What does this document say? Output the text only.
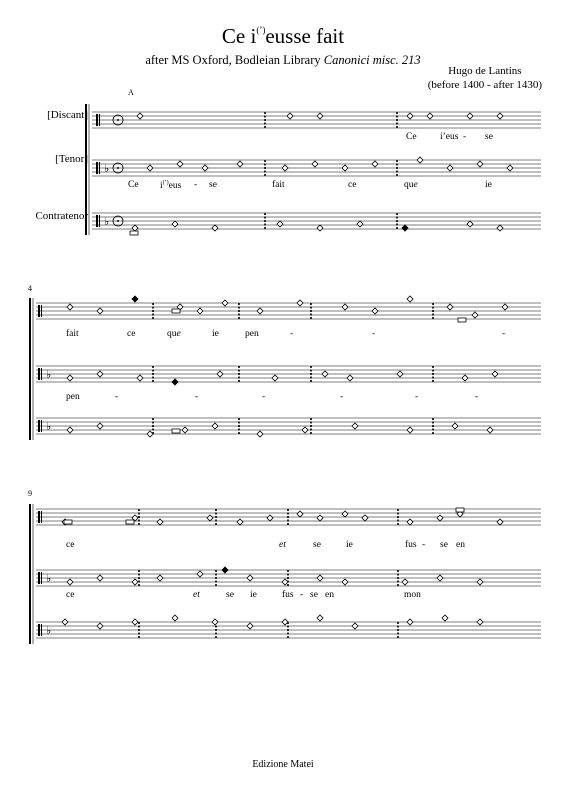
Ce i(’)eusse fait
after MS Oxford, Bodleian Library Canonici misc. 213
Hugo de Lantins
(before 1400 - after 1430)
[Discant]
[Tenor]
Contratenor
A
4
9
Ce i’eus - se
Ce i(’)eus - se	fait	ce	que	ie
fait	ce	que	ie	pen	-	-	-
pen	-	-	-	-	-	-
ce	et	se	ie	fus - se en
ce	et	se ie	fus - se en	mon
Edizione Matei
♭
♭
♭
♭
♭
♭
